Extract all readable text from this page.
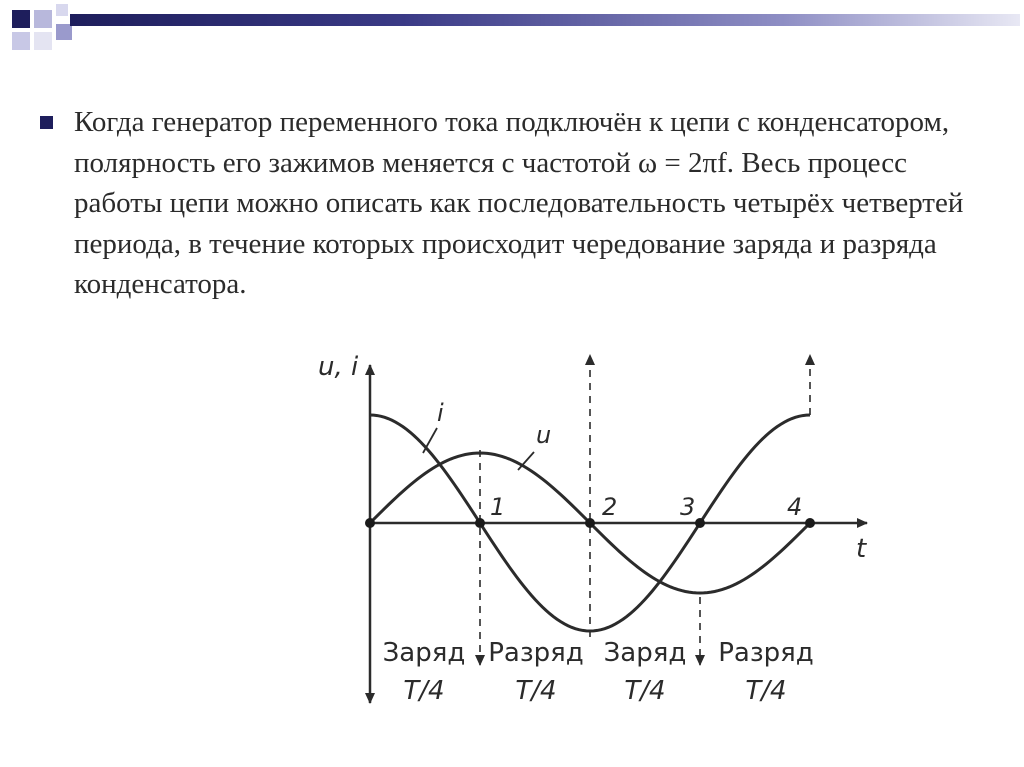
Когда генератор переменного тока подключён к цепи с конденсатором, полярность его зажимов меняется с частотой ω = 2πf. Весь процесс работы цепи можно описать как последовательность четырёх четвертей периода, в течение которых происходит чередование заряда и разряда конденсатора.
u, i
t
i
u
1	2	3	4
Заряд Разряд Заряд Разряд
T/4	T/4	T/4	T/4
